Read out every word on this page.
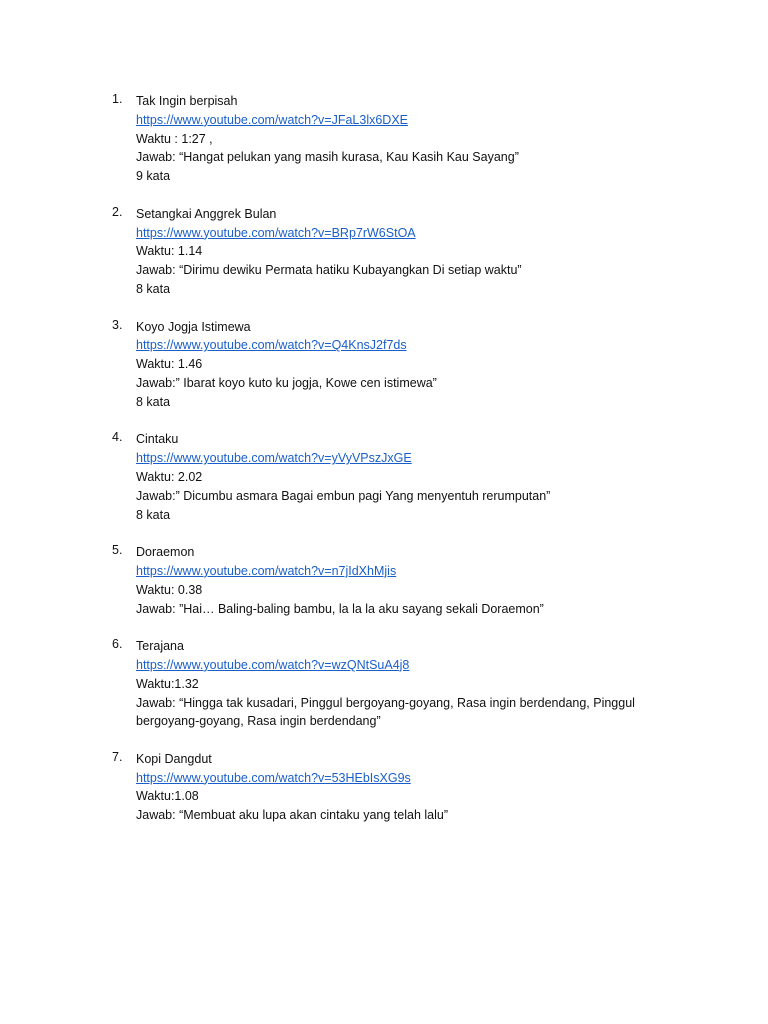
1.	Tak Ingin berpisah
https://www.youtube.com/watch?v=JFaL3lx6DXE
Waktu : 1:27 ,
Jawab: “Hangat pelukan yang masih kurasa, Kau Kasih Kau Sayang”
9 kata
2.	Setangkai Anggrek Bulan
https://www.youtube.com/watch?v=BRp7rW6StOA
Waktu: 1.14
Jawab: “Dirimu dewiku Permata hatiku Kubayangkan Di setiap waktu”
8 kata
3.	Koyo Jogja Istimewa
https://www.youtube.com/watch?v=Q4KnsJ2f7ds
Waktu: 1.46
Jawab:” Ibarat koyo kuto ku jogja, Kowe cen istimewa”
8 kata
4.	Cintaku
https://www.youtube.com/watch?v=yVyVPszJxGE
Waktu: 2.02
Jawab:” Dicumbu asmara Bagai embun pagi Yang menyentuh rerumputan”
8 kata
5.	Doraemon
https://www.youtube.com/watch?v=n7jIdXhMjis
Waktu: 0.38
Jawab: ”Hai… Baling-baling bambu, la la la aku sayang sekali Doraemon”
6.	Terajana
https://www.youtube.com/watch?v=wzQNtSuA4j8
Waktu:1.32
Jawab: “Hingga tak kusadari, Pinggul bergoyang-goyang, Rasa ingin berdendang, Pinggul bergoyang-goyang, Rasa ingin berdendang”
7.	Kopi Dangdut
https://www.youtube.com/watch?v=53HEbIsXG9s
Waktu:1.08
Jawab: “Membuat aku lupa akan cintaku yang telah lalu”
